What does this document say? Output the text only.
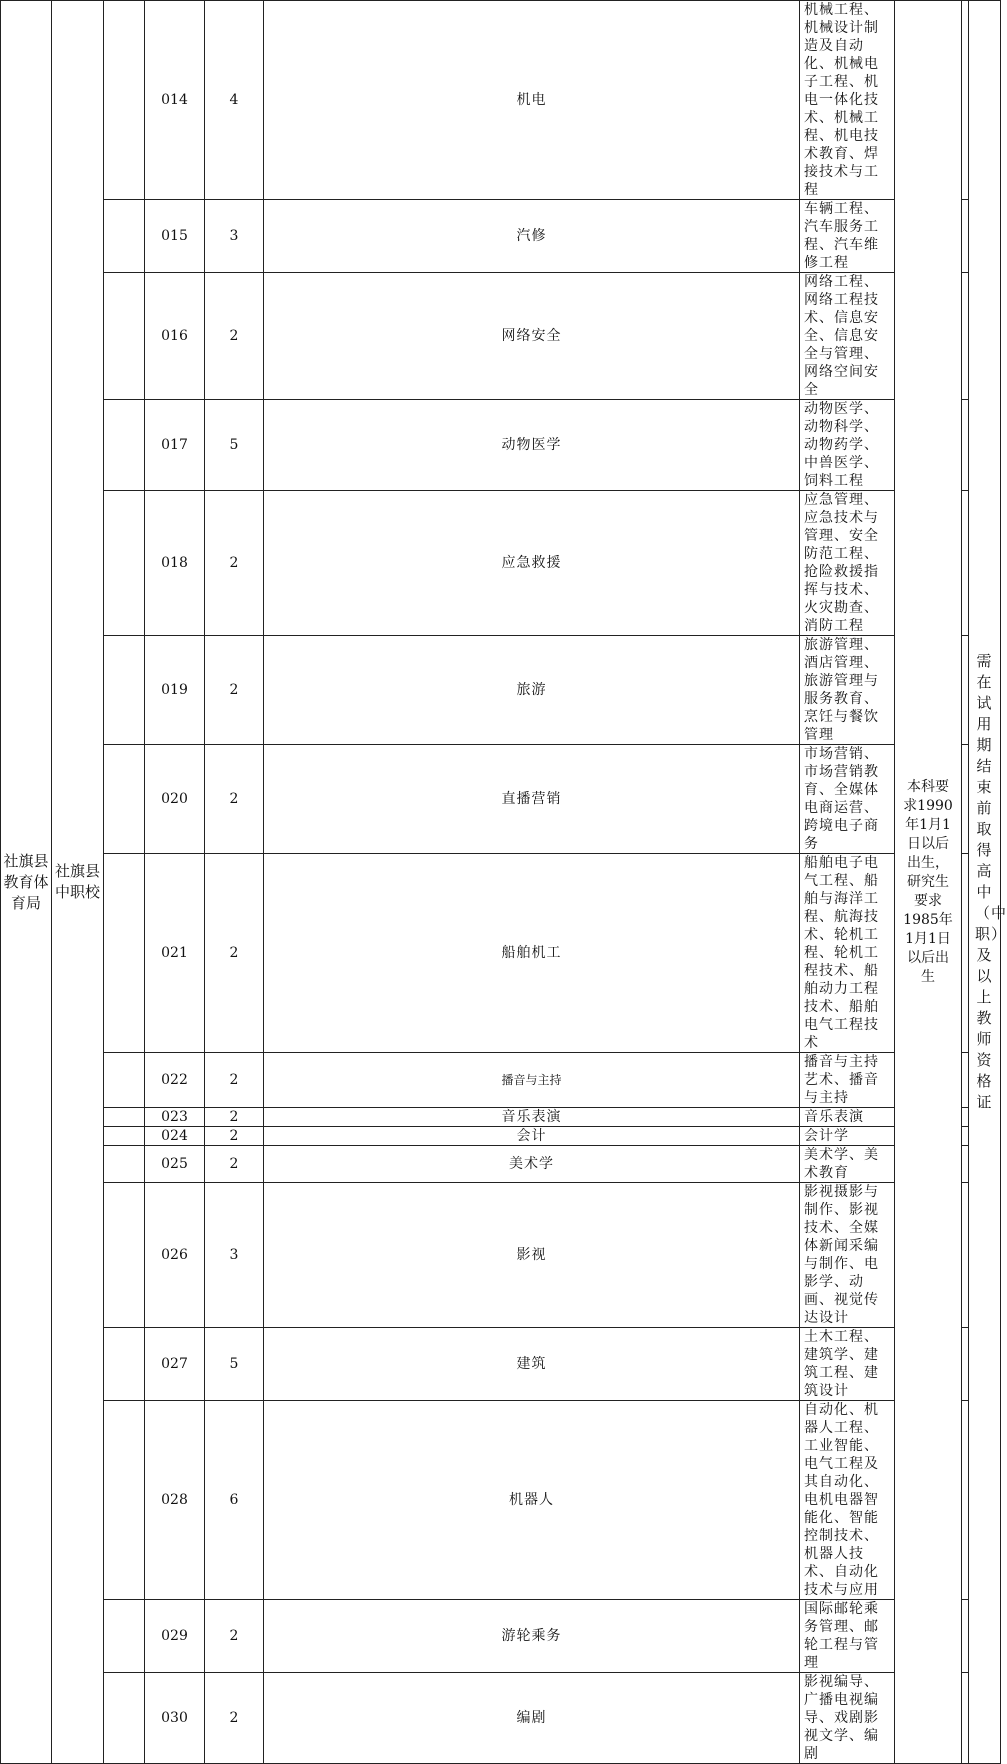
社旗县教育体育局	社旗县中职校		014	4	机电	机械工程、机械设计制造及自动化、机械电子工程、机电一体化技术、机械工程、机电技术教育、焊接技术与工程	本科要求1990年1月1日以后出生，研究生要求1985年1月1日以后出生		需在试用期结束前取得高中（中职）及以上教师资格证	
			015	3	汽修	车辆工程、汽车服务工程、汽车维修工程				
			016	2	网络安全	网络工程、网络工程技术、信息安全、信息安全与管理、网络空间安全				
			017	5	动物医学	动物医学、动物科学、动物药学、中兽医学、饲料工程				
			018	2	应急救援	应急管理、应急技术与管理、安全防范工程、抢险救援指挥与技术、火灾勘查、消防工程				
			019	2	旅游	旅游管理、酒店管理、旅游管理与服务教育、烹饪与餐饮管理				
			020	2	直播营销	市场营销、市场营销教育、全媒体电商运营、跨境电子商务				
			021	2	船舶机工	船舶电子电气工程、船舶与海洋工程、航海技术、轮机工程、轮机工程技术、船舶动力工程技术、船舶电气工程技术				
			022	2	播音与主持	播音与主持艺术、播音与主持				
			023	2	音乐表演	音乐表演				
			024	2	会计	会计学				
			025	2	美术学	美术学、美术教育				
			026	3	影视	影视摄影与制作、影视技术、全媒体新闻采编与制作、电影学、动画、视觉传达设计				
			027	5	建筑	土木工程、建筑学、建筑工程、建筑设计				
			028	6	机器人	自动化、机器人工程、工业智能、电气工程及其自动化、电机电器智能化、智能控制技术、机器人技术、自动化技术与应用				
			029	2	游轮乘务	国际邮轮乘务管理、邮轮工程与管理				
			030	2	编剧	影视编导、广播电视编导、戏剧影视文学、编剧				
